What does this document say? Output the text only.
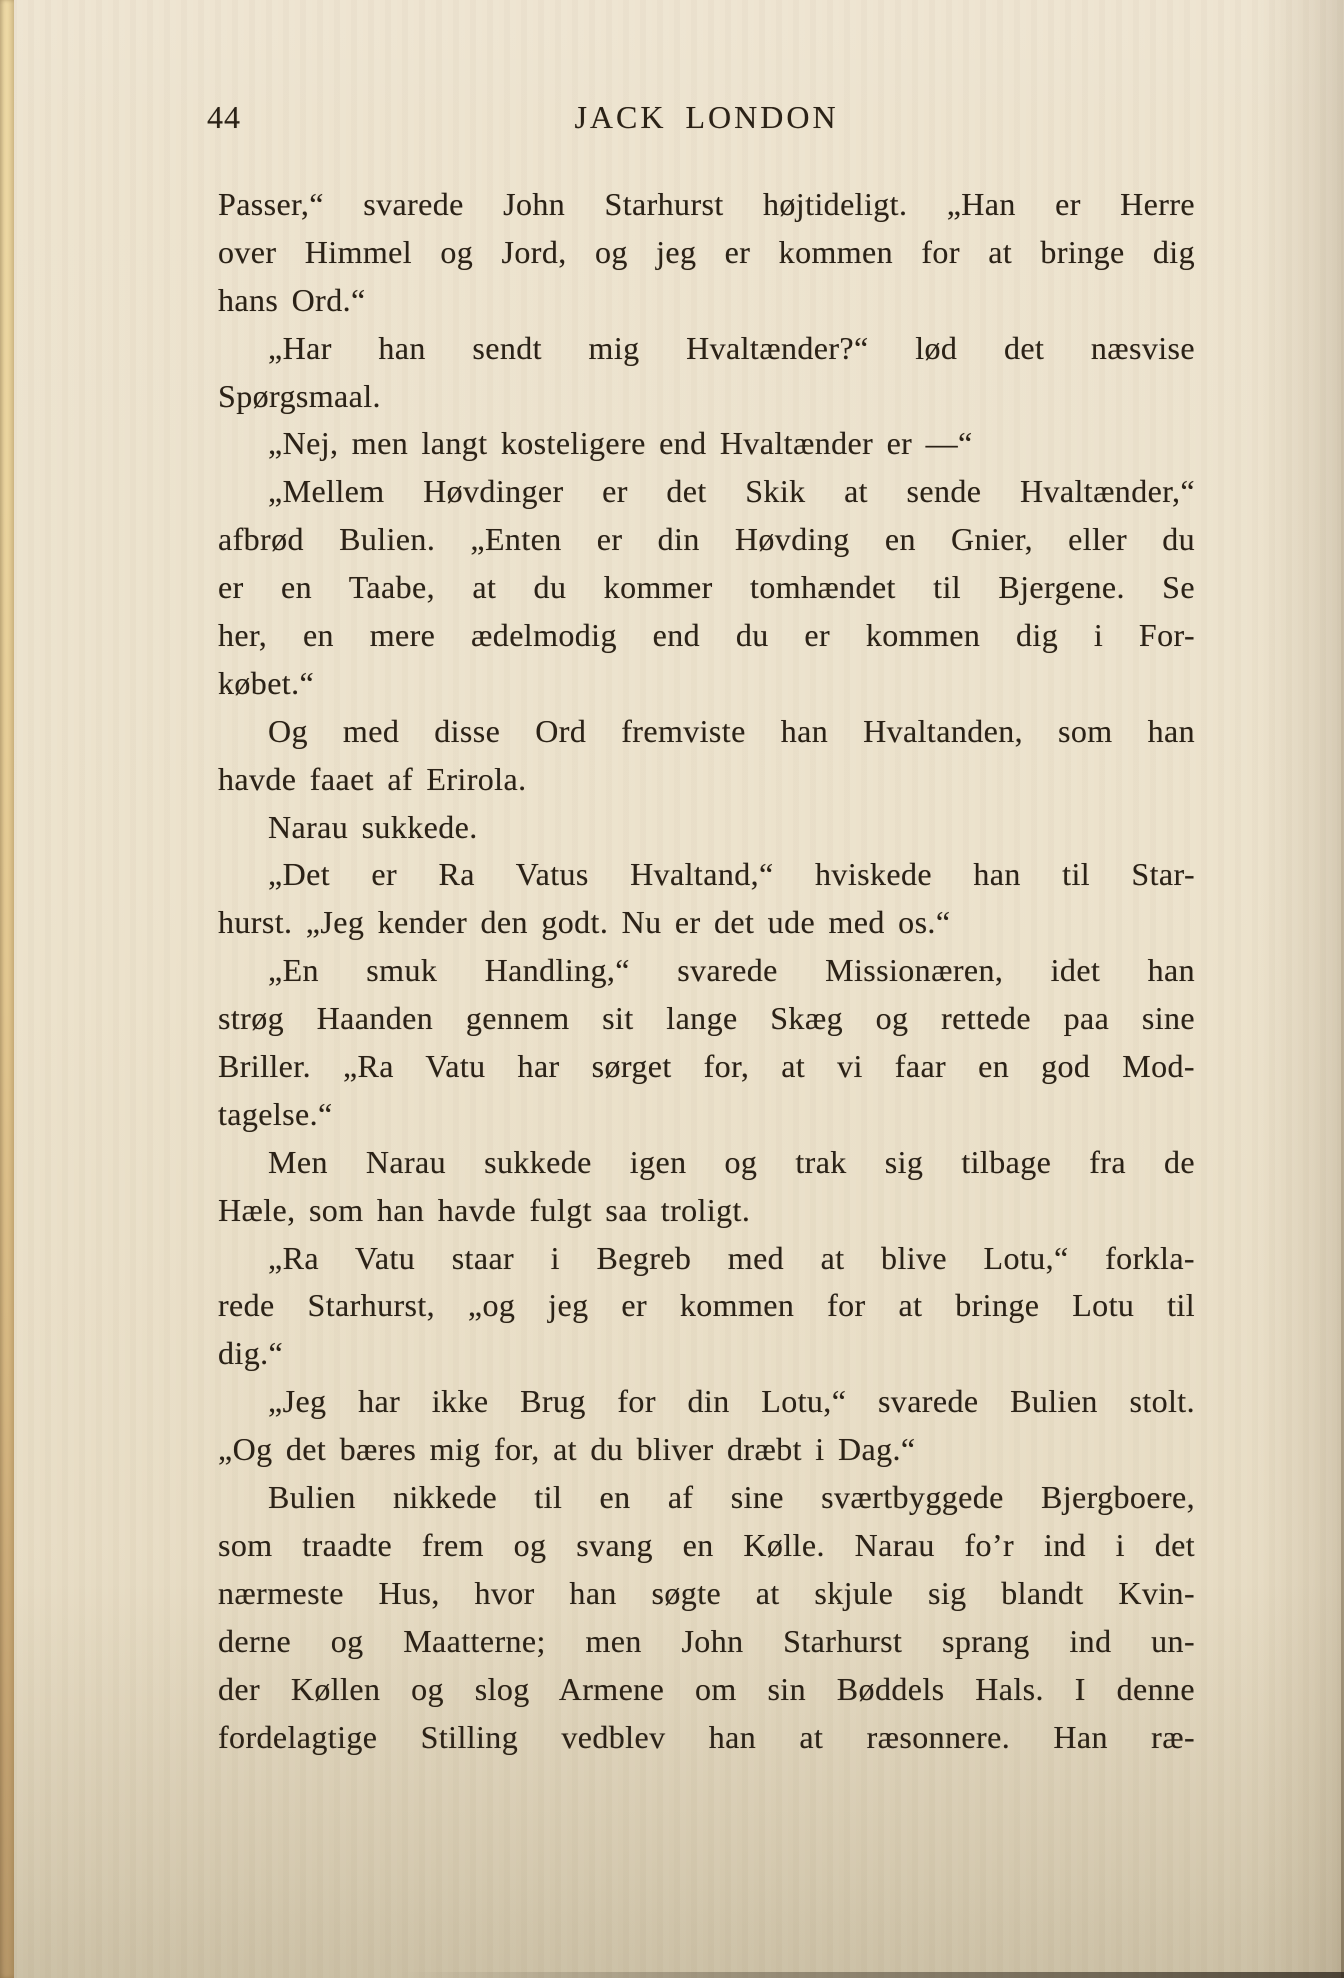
44	JACK LONDON
Passer,“ svarede John Starhurst højtideligt. „Han er Herre
over Himmel og Jord, og jeg er kommen for at bringe dig
hans Ord.“
„Har han sendt mig Hvaltænder?“ lød det næsvise
Spørgsmaal.
„Nej, men langt kosteligere end Hvaltænder er —“
„Mellem Høvdinger er det Skik at sende Hvaltænder,“
afbrød Bulien. „Enten er din Høvding en Gnier, eller du
er en Taabe, at du kommer tomhændet til Bjergene. Se
her, en mere ædelmodig end du er kommen dig i For-
købet.“
Og med disse Ord fremviste han Hvaltanden, som han
havde faaet af Erirola.
Narau sukkede.
„Det er Ra Vatus Hvaltand,“ hviskede han til Star-
hurst. „Jeg kender den godt. Nu er det ude med os.“
„En smuk Handling,“ svarede Missionæren, idet han
strøg Haanden gennem sit lange Skæg og rettede paa sine
Briller. „Ra Vatu har sørget for, at vi faar en god Mod-
tagelse.“
Men Narau sukkede igen og trak sig tilbage fra de
Hæle, som han havde fulgt saa troligt.
„Ra Vatu staar i Begreb med at blive Lotu,“ forkla-
rede Starhurst, „og jeg er kommen for at bringe Lotu til
dig.“
„Jeg har ikke Brug for din Lotu,“ svarede Bulien stolt.
„Og det bæres mig for, at du bliver dræbt i Dag.“
Bulien nikkede til en af sine sværtbyggede Bjergboere,
som traadte frem og svang en Kølle. Narau fo’r ind i det
nærmeste Hus, hvor han søgte at skjule sig blandt Kvin-
derne og Maatterne; men John Starhurst sprang ind un-
der Køllen og slog Armene om sin Bøddels Hals. I denne
fordelagtige Stilling vedblev han at ræsonnere. Han ræ-
